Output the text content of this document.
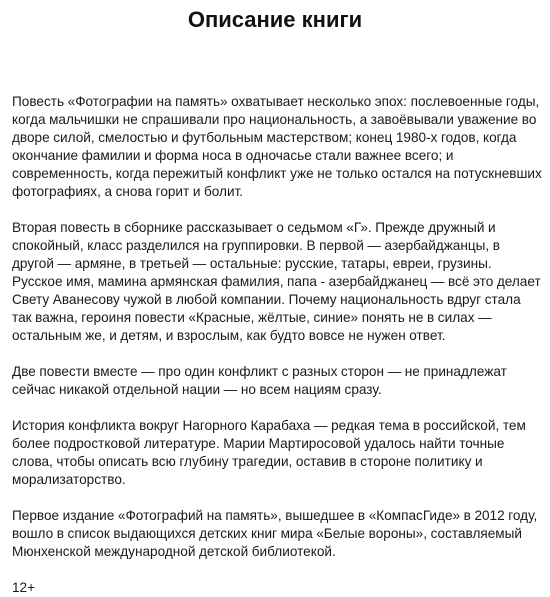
Описание книги

Повесть «Фотографии на память» охватывает несколько эпох: послевоенные годы, когда мальчишки не спрашивали про национальность, а завоёвывали уважение во дворе силой, смелостью и футбольным мастерством; конец 1980-х годов, когда окончание фамилии и форма носа в одночасье стали важнее всего; и современность, когда пережитый конфликт уже не только остался на потускневших фотографиях, а снова горит и болит.

Вторая повесть в сборнике рассказывает о седьмом «Г». Прежде дружный и спокойный, класс разделился на группировки. В первой — азербайджанцы, в другой — армяне, в третьей — остальные: русские, татары, евреи, грузины. Русское имя, мамина армянская фамилия, папа - азербайджанец — всё это делает Свету Аванесову чужой в любой компании. Почему национальность вдруг стала так важна, героиня повести «Красные, жёлтые, синие» понять не в силах — остальным же, и детям, и взрослым, как будто вовсе не нужен ответ.

Две повести вместе — про один конфликт с разных сторон — не принадлежат сейчас никакой отдельной нации — но всем нациям сразу.

История конфликта вокруг Нагорного Карабаха — редкая тема в российской, тем более подростковой литературе. Марии Мартиросовой удалось найти точные слова, чтобы описать всю глубину трагедии, оставив в стороне политику и морализаторство.

Первое издание «Фотографий на память», вышедшее в «КомпасГиде» в 2012 году, вошло в список выдающихся детских книг мира «Белые вороны», составляемый Мюнхенской международной детской библиотекой.

12+
